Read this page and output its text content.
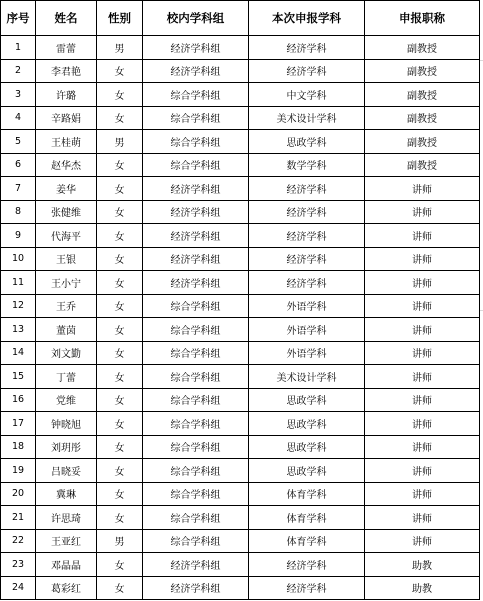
序号	姓名	性别	校内学科组	本次申报学科	申报职称
1	雷蕾	男	经济学科组	经济学科	副教授
2	李君艳	女	经济学科组	经济学科	副教授
3	许璐	女	综合学科组	中文学科	副教授
4	辛路娟	女	综合学科组	美术设计学科	副教授
5	王桂萌	男	综合学科组	思政学科	副教授
6	赵华杰	女	综合学科组	数学学科	副教授
7	姜华	女	经济学科组	经济学科	讲师
8	张健维	女	经济学科组	经济学科	讲师
9	代海平	女	经济学科组	经济学科	讲师
10	王银	女	经济学科组	经济学科	讲师
11	王小宁	女	经济学科组	经济学科	讲师
12	王乔	女	综合学科组	外语学科	讲师
13	董茵	女	综合学科组	外语学科	讲师
14	刘文勤	女	综合学科组	外语学科	讲师
15	丁蕾	女	综合学科组	美术设计学科	讲师
16	党维	女	综合学科组	思政学科	讲师
17	钟晓旭	女	综合学科组	思政学科	讲师
18	刘玥彤	女	综合学科组	思政学科	讲师
19	吕晓妥	女	综合学科组	思政学科	讲师
20	冀琳	女	综合学科组	体育学科	讲师
21	许思琦	女	综合学科组	体育学科	讲师
22	王亚红	男	综合学科组	体育学科	讲师
23	邓晶晶	女	经济学科组	经济学科	助教
24	葛彩红	女	经济学科组	经济学科	助教
